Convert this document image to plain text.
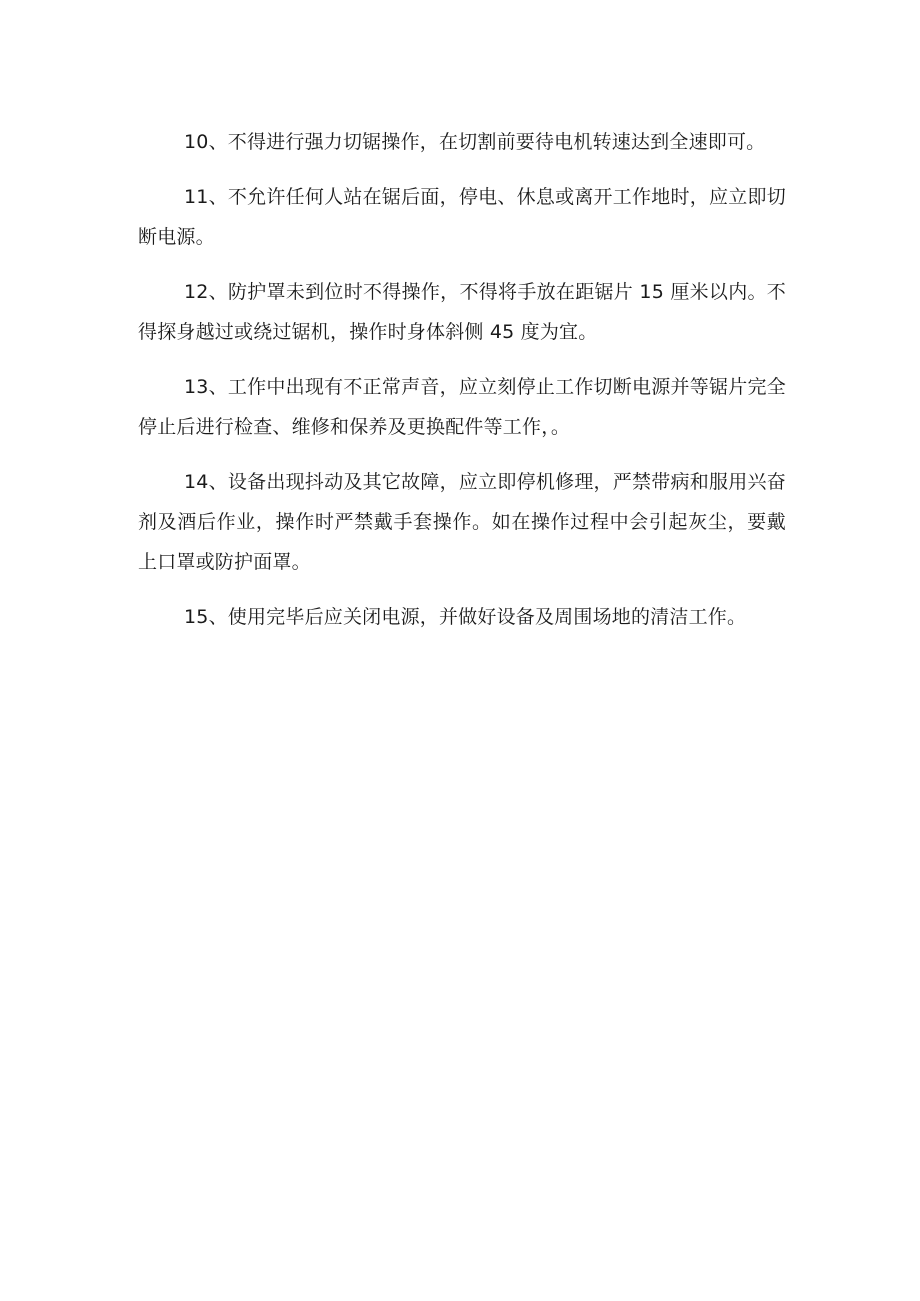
10、不得进行强力切锯操作，在切割前要待电机转速达到全速即可。

11、不允许任何人站在锯后面，停电、休息或离开工作地时，应立即切断电源。

12、防护罩未到位时不得操作，不得将手放在距锯片 15 厘米以内。不得探身越过或绕过锯机，操作时身体斜侧 45 度为宜。

13、工作中出现有不正常声音，应立刻停止工作切断电源并等锯片完全停止后进行检查、维修和保养及更换配件等工作，。

14、设备出现抖动及其它故障，应立即停机修理，严禁带病和服用兴奋剂及酒后作业，操作时严禁戴手套操作。如在操作过程中会引起灰尘，要戴上口罩或防护面罩。

15、使用完毕后应关闭电源，并做好设备及周围场地的清洁工作。
